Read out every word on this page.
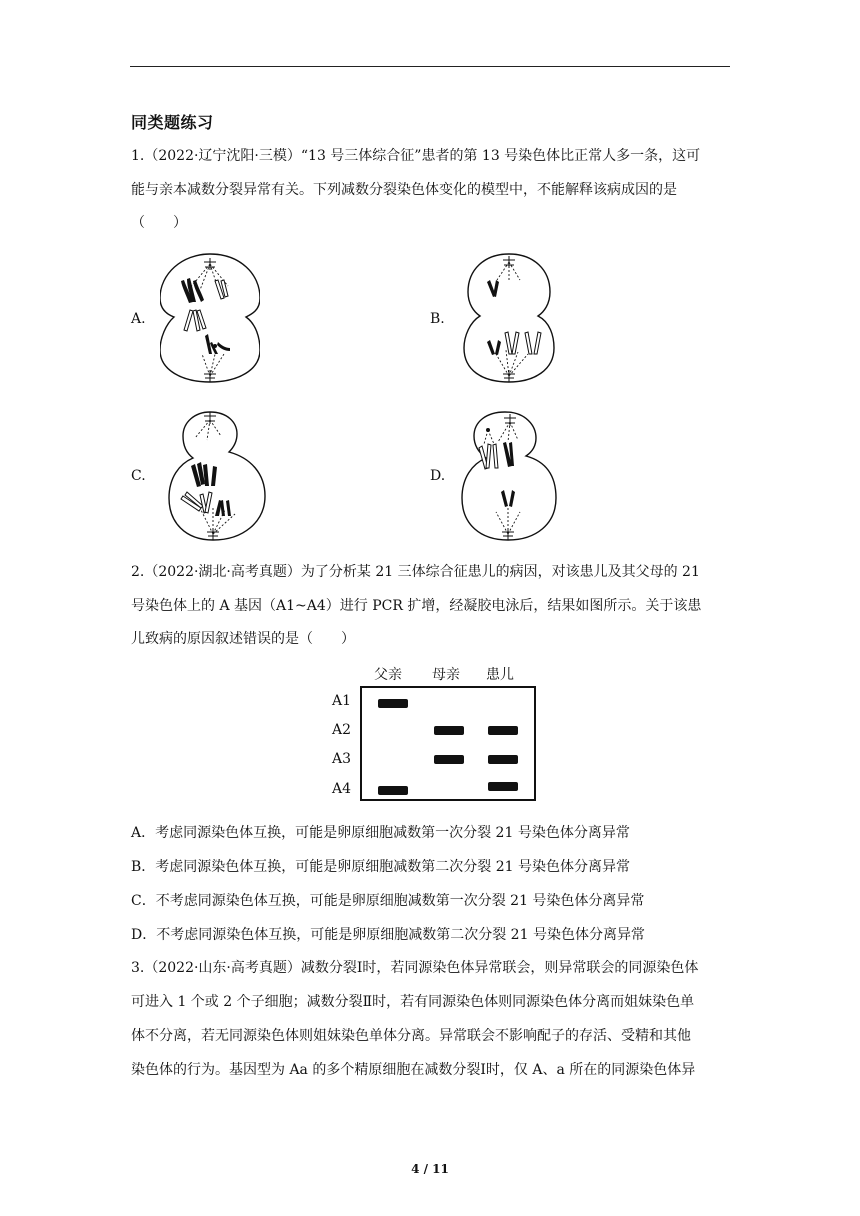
同类题练习
1.（2022·辽宁沈阳·三模）“13 号三体综合征”患者的第 13 号染色体比正常人多一条，这可
能与亲本减数分裂异常有关。下列减数分裂染色体变化的模型中，不能解释该病成因的是
（　　）
A.	B.
C.	D.
2.（2022·湖北·高考真题）为了分析某 21 三体综合征患儿的病因，对该患儿及其父母的 21
号染色体上的 A 基因（A1~A4）进行 PCR 扩增，经凝胶电泳后，结果如图所示。关于该患
儿致病的原因叙述错误的是（　　）
父亲 母亲 患儿
A1
A2
A3
A4
A．考虑同源染色体互换，可能是卵原细胞减数第一次分裂 21 号染色体分离异常
B．考虑同源染色体互换，可能是卵原细胞减数第二次分裂 21 号染色体分离异常
C．不考虑同源染色体互换，可能是卵原细胞减数第一次分裂 21 号染色体分离异常
D．不考虑同源染色体互换，可能是卵原细胞减数第二次分裂 21 号染色体分离异常
3.（2022·山东·高考真题）减数分裂Ⅰ时，若同源染色体异常联会，则异常联会的同源染色体
可进入 1 个或 2 个子细胞；减数分裂Ⅱ时，若有同源染色体则同源染色体分离而姐妹染色单
体不分离，若无同源染色体则姐妹染色单体分离。异常联会不影响配子的存活、受精和其他
染色体的行为。基因型为 Aa 的多个精原细胞在减数分裂Ⅰ时，仅 A、a 所在的同源染色体异
4 / 11
